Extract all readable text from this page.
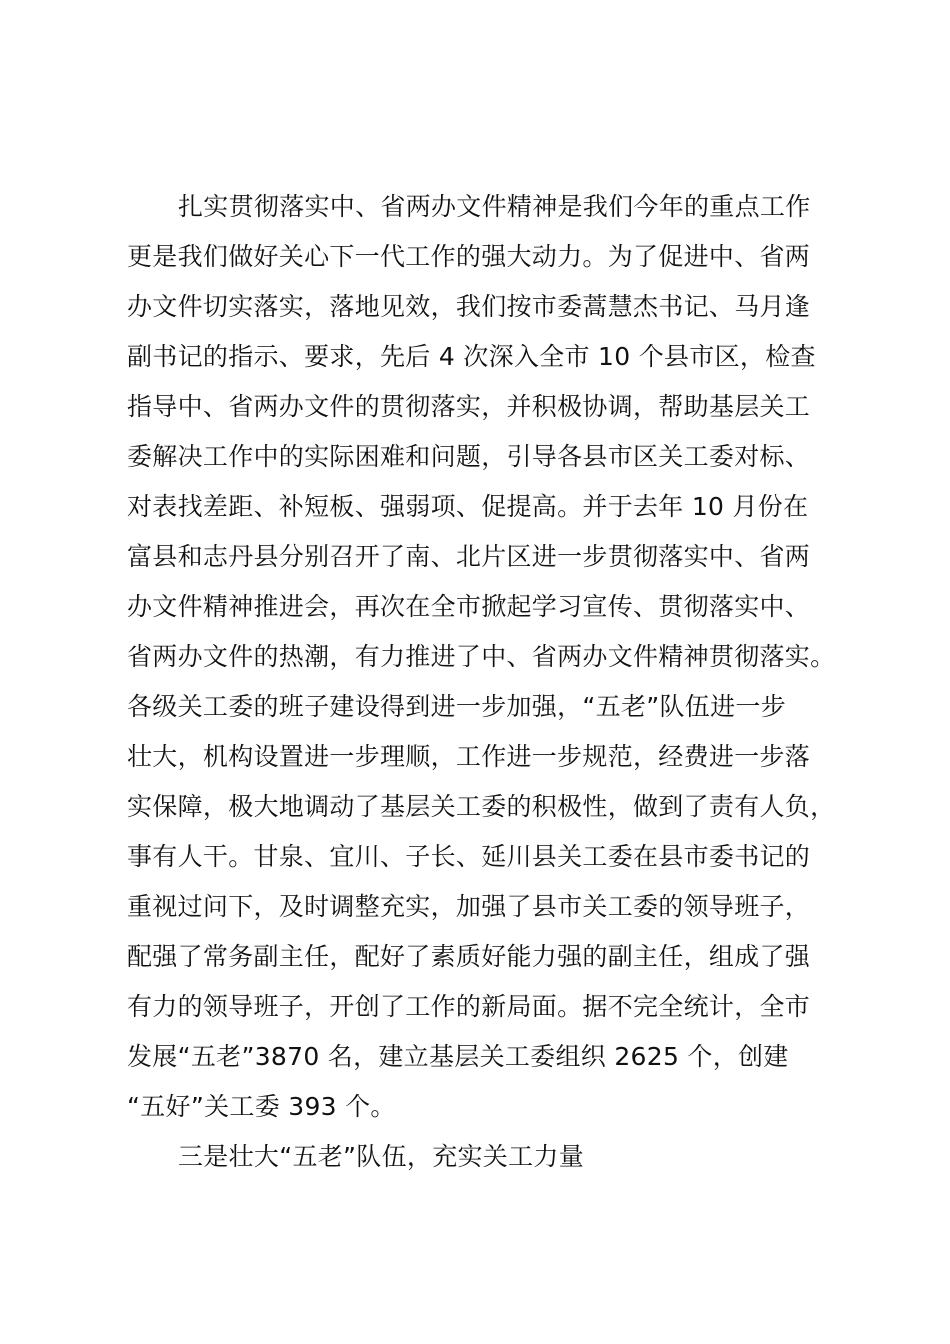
扎实贯彻落实中、省两办文件精神是我们今年的重点工作
更是我们做好关心下一代工作的强大动力。为了促进中、省两
办文件切实落实，落地见效，我们按市委蒿慧杰书记、马月逢
副书记的指示、要求，先后 4 次深入全市 10 个县市区，检查
指导中、省两办文件的贯彻落实，并积极协调，帮助基层关工
委解决工作中的实际困难和问题，引导各县市区关工委对标、
对表找差距、补短板、强弱项、促提高。并于去年 10 月份在
富县和志丹县分别召开了南、北片区进一步贯彻落实中、省两
办文件精神推进会，再次在全市掀起学习宣传、贯彻落实中、
省两办文件的热潮，有力推进了中、省两办文件精神贯彻落实。
各级关工委的班子建设得到进一步加强，“五老”队伍进一步
壮大，机构设置进一步理顺，工作进一步规范，经费进一步落
实保障，极大地调动了基层关工委的积极性，做到了责有人负，
事有人干。甘泉、宜川、子长、延川县关工委在县市委书记的
重视过问下，及时调整充实，加强了县市关工委的领导班子，
配强了常务副主任，配好了素质好能力强的副主任，组成了强
有力的领导班子，开创了工作的新局面。据不完全统计，全市
发展“五老”3870 名，建立基层关工委组织 2625 个，创建
“五好”关工委 393 个。
三是壮大“五老”队伍，充实关工力量
